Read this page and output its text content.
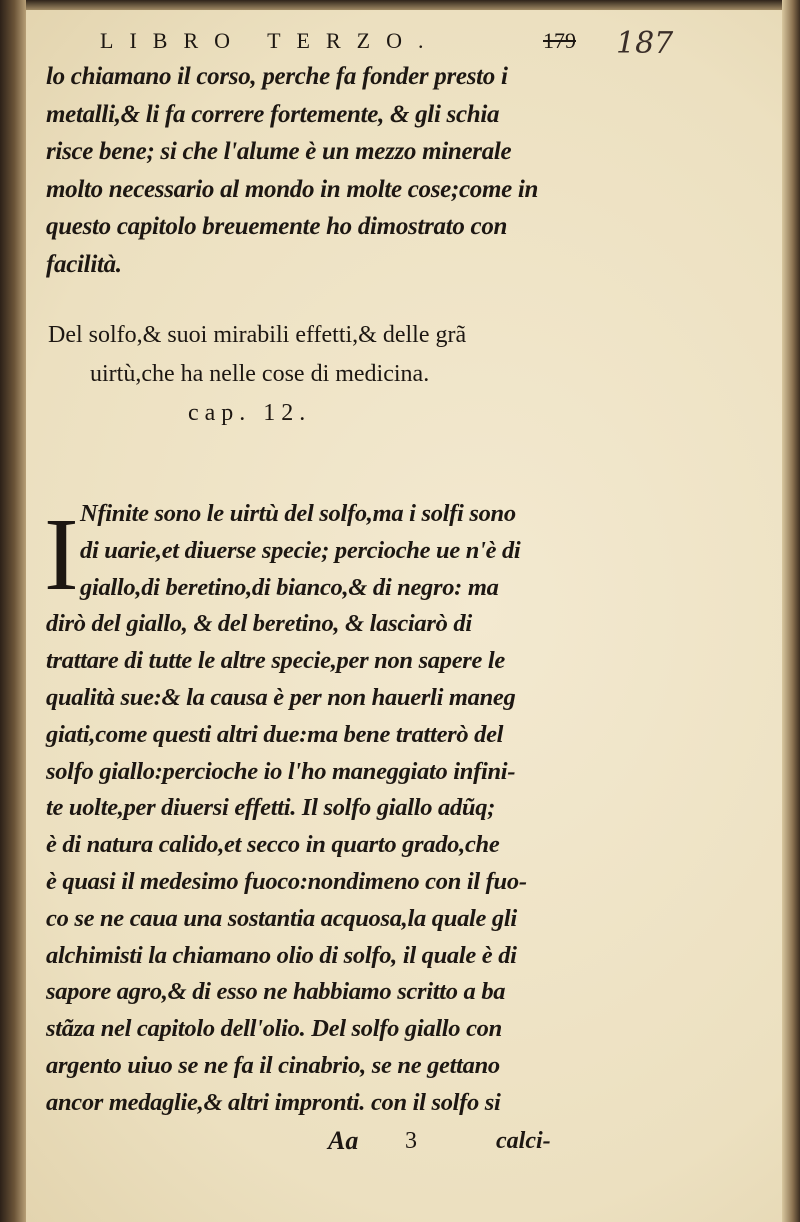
LIBRO TERZO.	179 187
lo chiamano il corso, perche fa fonder presto i
metalli,& li fa correre fortemente, & gli schia
risce bene; si che l'alume è un mezzo minerale
molto necessario al mondo in molte cose;come in
questo capitolo breuemente ho dimostrato con
facilità.
Del solfo,& suoi mirabili effetti,& delle grã
uirtù,che ha nelle cose di medicina.
cap. 12.
I Nfinite sono le uirtù del solfo,ma i solfi sono
di uarie,et diuerse specie; percioche ue n'è di
giallo,di beretino,di bianco,& di negro: ma
dirò del giallo, & del beretino, & lasciarò di
trattare di tutte le altre specie,per non sapere le
qualità sue:& la causa è per non hauerli maneg
giati,come questi altri due:ma bene tratterò del
solfo giallo:percioche io l'ho maneggiato infini-
te uolte,per diuersi effetti. Il solfo giallo adũq;
è di natura calido,et secco in quarto grado,che
è quasi il medesimo fuoco:nondimeno con il fuo-
co se ne caua una sostantia acquosa,la quale gli
alchimisti la chiamano olio di solfo, il quale è di
sapore agro,& di esso ne habbiamo scritto a ba
stãza nel capitolo dell'olio. Del solfo giallo con
argento uiuo se ne fa il cinabrio, se ne gettano
ancor medaglie,& altri impronti. con il solfo si
Aa 3	calci-
